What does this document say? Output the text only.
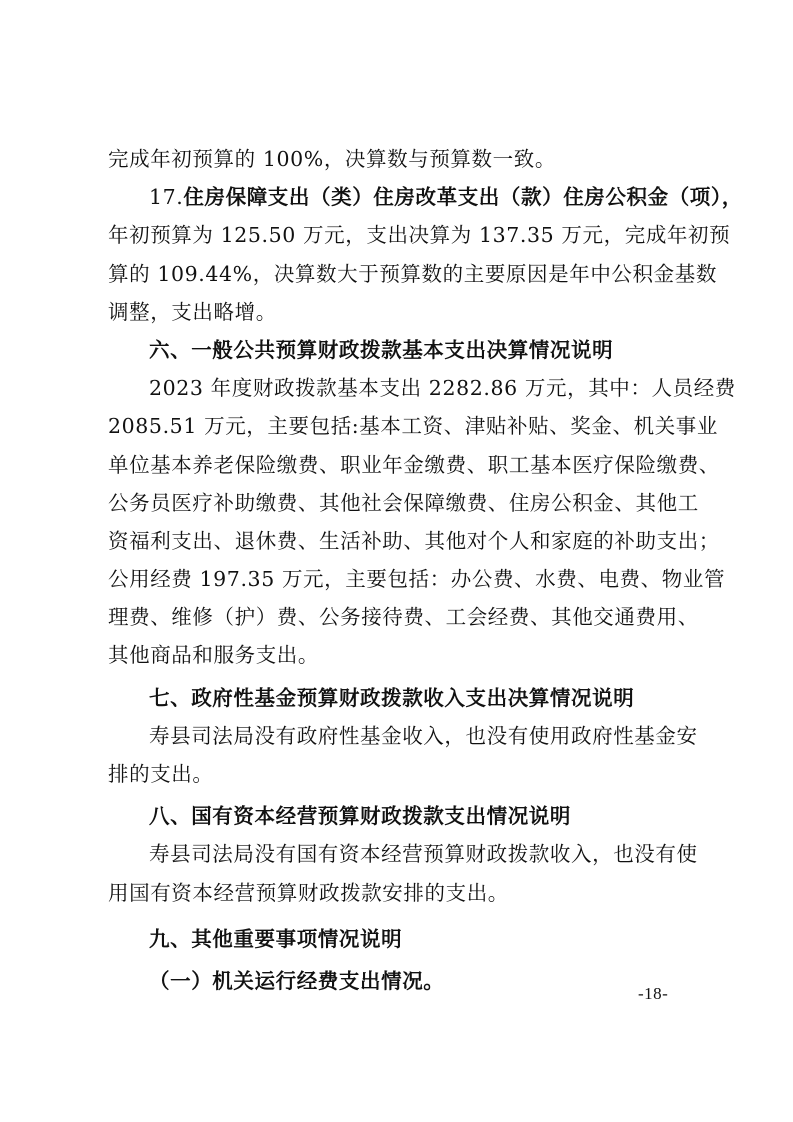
完成年初预算的 100%，决算数与预算数一致。
17.住房保障支出（类）住房改革支出（款）住房公积金（项），
年初预算为 125.50 万元，支出决算为 137.35 万元，完成年初预
算的 109.44%，决算数大于预算数的主要原因是年中公积金基数
调整，支出略增。
六、一般公共预算财政拨款基本支出决算情况说明
2023 年度财政拨款基本支出 2282.86 万元，其中：人员经费
2085.51 万元，主要包括:基本工资、津贴补贴、奖金、机关事业
单位基本养老保险缴费、职业年金缴费、职工基本医疗保险缴费、
公务员医疗补助缴费、其他社会保障缴费、住房公积金、其他工
资福利支出、退休费、生活补助、其他对个人和家庭的补助支出；
公用经费 197.35 万元，主要包括：办公费、水费、电费、物业管
理费、维修（护）费、公务接待费、工会经费、其他交通费用、
其他商品和服务支出。
七、政府性基金预算财政拨款收入支出决算情况说明
寿县司法局没有政府性基金收入，也没有使用政府性基金安
排的支出。
八、国有资本经营预算财政拨款支出情况说明
寿县司法局没有国有资本经营预算财政拨款收入，也没有使
用国有资本经营预算财政拨款安排的支出。
九、其他重要事项情况说明
（一）机关运行经费支出情况。
-18-
